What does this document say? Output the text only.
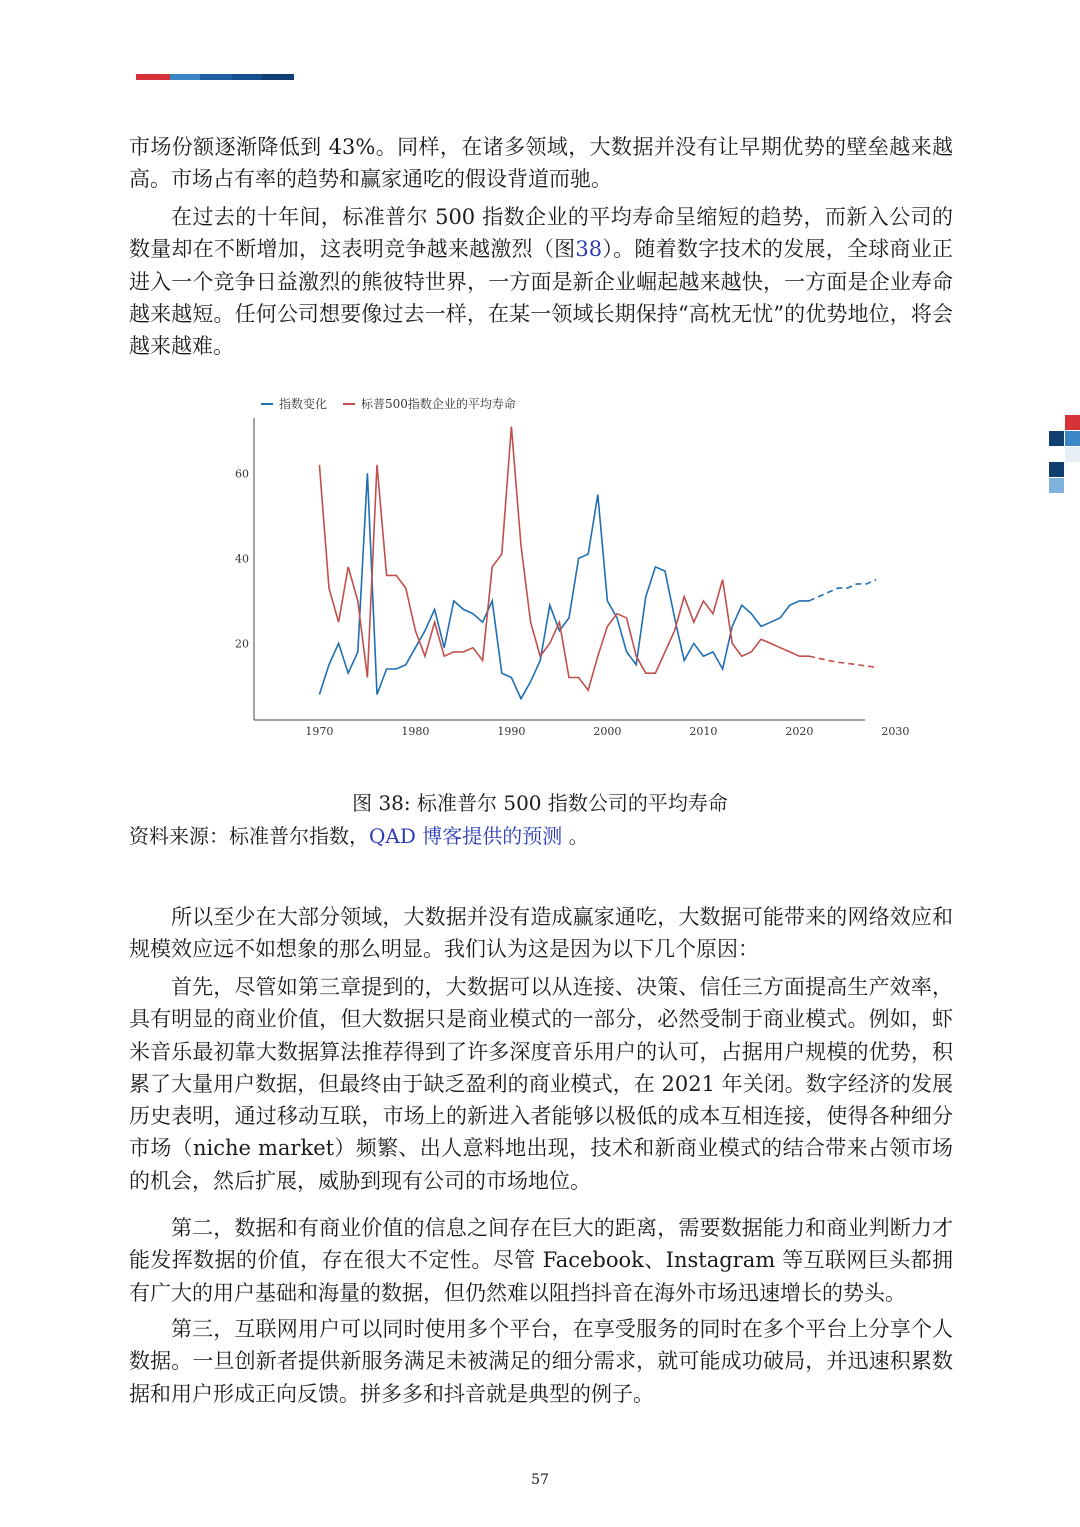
市场份额逐渐降低到 43%。同样，在诸多领域，大数据并没有让早期优势的壁垒越来越高。市场占有率的趋势和赢家通吃的假设背道而驰。

在过去的十年间，标准普尔 500 指数企业的平均寿命呈缩短的趋势，而新入公司的数量却在不断增加，这表明竞争越来越激烈（图38）。随着数字技术的发展，全球商业正进入一个竞争日益激烈的熊彼特世界，一方面是新企业崛起越来越快，一方面是企业寿命越来越短。任何公司想要像过去一样，在某一领域长期保持“高枕无忧”的优势地位，将会越来越难。

指数变化	标普500指数企业的平均寿命
1970	1980	1990	2000	2010	2020	2030
20
40
60
图 38: 标准普尔 500 指数公司的平均寿命
资料来源：标准普尔指数，QAD 博客提供的预测 。

所以至少在大部分领域，大数据并没有造成赢家通吃，大数据可能带来的网络效应和规模效应远不如想象的那么明显。我们认为这是因为以下几个原因：

首先，尽管如第三章提到的，大数据可以从连接、决策、信任三方面提高生产效率，具有明显的商业价值，但大数据只是商业模式的一部分，必然受制于商业模式。例如，虾米音乐最初靠大数据算法推荐得到了许多深度音乐用户的认可，占据用户规模的优势，积累了大量用户数据，但最终由于缺乏盈利的商业模式，在 2021 年关闭。数字经济的发展历史表明，通过移动互联，市场上的新进入者能够以极低的成本互相连接，使得各种细分市场（niche market）频繁、出人意料地出现，技术和新商业模式的结合带来占领市场的机会，然后扩展，威胁到现有公司的市场地位。

第二，数据和有商业价值的信息之间存在巨大的距离，需要数据能力和商业判断力才能发挥数据的价值，存在很大不定性。尽管 Facebook、Instagram 等互联网巨头都拥有广大的用户基础和海量的数据，但仍然难以阻挡抖音在海外市场迅速增长的势头。

第三，互联网用户可以同时使用多个平台，在享受服务的同时在多个平台上分享个人数据。一旦创新者提供新服务满足未被满足的细分需求，就可能成功破局，并迅速积累数据和用户形成正向反馈。拼多多和抖音就是典型的例子。

57
